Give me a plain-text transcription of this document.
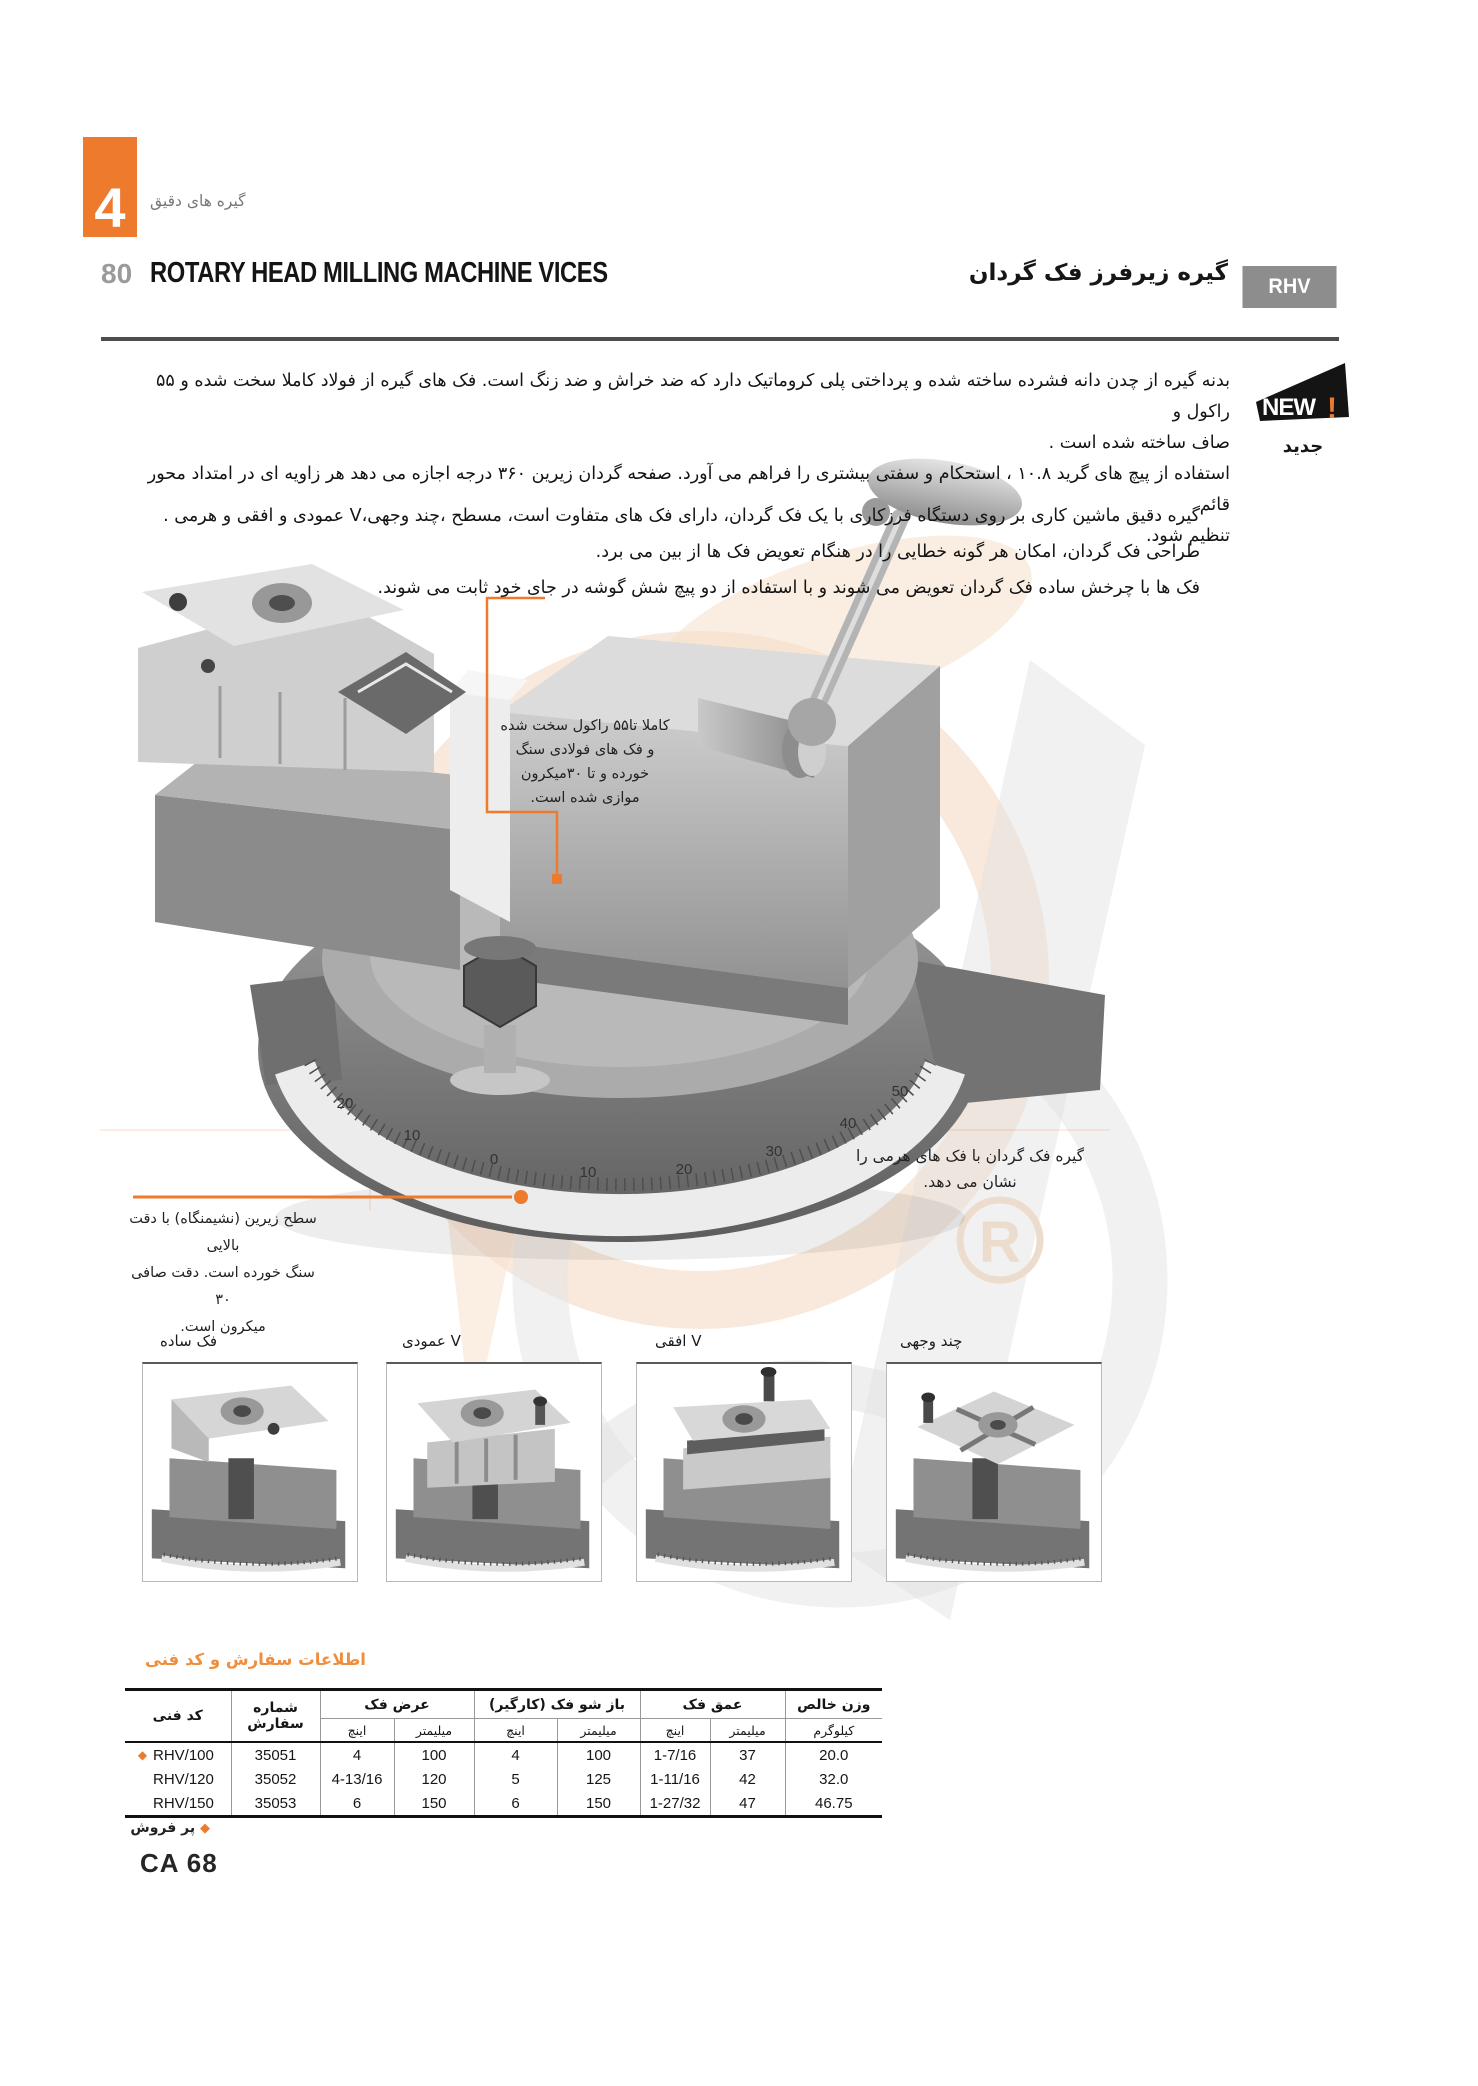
R
4 گیره های دقیق
80 ROTARY HEAD MILLING MACHINE VICES	گیره زیرفرز فک گردان
RHV
NEW !
جدید
بدنه گیره از چدن دانه فشرده ساخته شده و پرداختی پلی کروماتیک دارد که ضد خراش و ضد زنگ است. فک های گیره از فولاد کاملا سخت شده و ۵۵ راکول و
صاف ساخته شده است .
استفاده از پیچ های گرید ۱۰.۸ ، استحکام و سفتی بیشتری را فراهم می آورد. صفحه گردان زیرین ۳۶۰ درجه اجازه می دهد هر زاویه ای در امتداد محور قائم
تنظیم شود.
گیره دقیق ماشین کاری بر روی دستگاه فرزکاری با یک فک گردان، دارای فک های متفاوت است، مسطح ،چند وجهی،V عمودی و افقی و هرمی .
طراحی فک گردان، امکان هر گونه خطایی را در هنگام تعویض فک ها از بین می برد.
فک ها با چرخش ساده فک گردان تعویض می شوند و با استفاده از دو پیچ شش گوشه در جای خود ثابت می شوند.
20
10
0
10	20
30
40
50
کاملا تا۵۵ راکول سخت شده
و فک های فولادی سنگ
خورده و تا ۳۰میکرون
موازی شده است.
گیره فک گردان با فک های هرمی را
نشان می دهد.
سطح زیرین (نشیمنگاه) با دقت بالایی
سنگ خورده است. دقت صافی ۳۰
میکرون است.
فک ساده	V عمودی	V افقی	چند وجهی
اطلاعات سفارش و کد فنی
کد فنی	شماره سفارش	عرض فک		باز شو فک (کارگیر)		عمق فک		وزن خالص
		اینچ	میلیمتر	اینچ	میلیمتر	اینچ	میلیمتر	کیلوگرم

◆ RHV/100	35051	4	100	4	100	1-7/16	37	20.0

RHV/120	35052	4-13/16	120	5	125	1-11/16	42	32.0

RHV/150	35053	6	150	6	150	1-27/32	47	46.75
◆ پر فروش
CA 68
